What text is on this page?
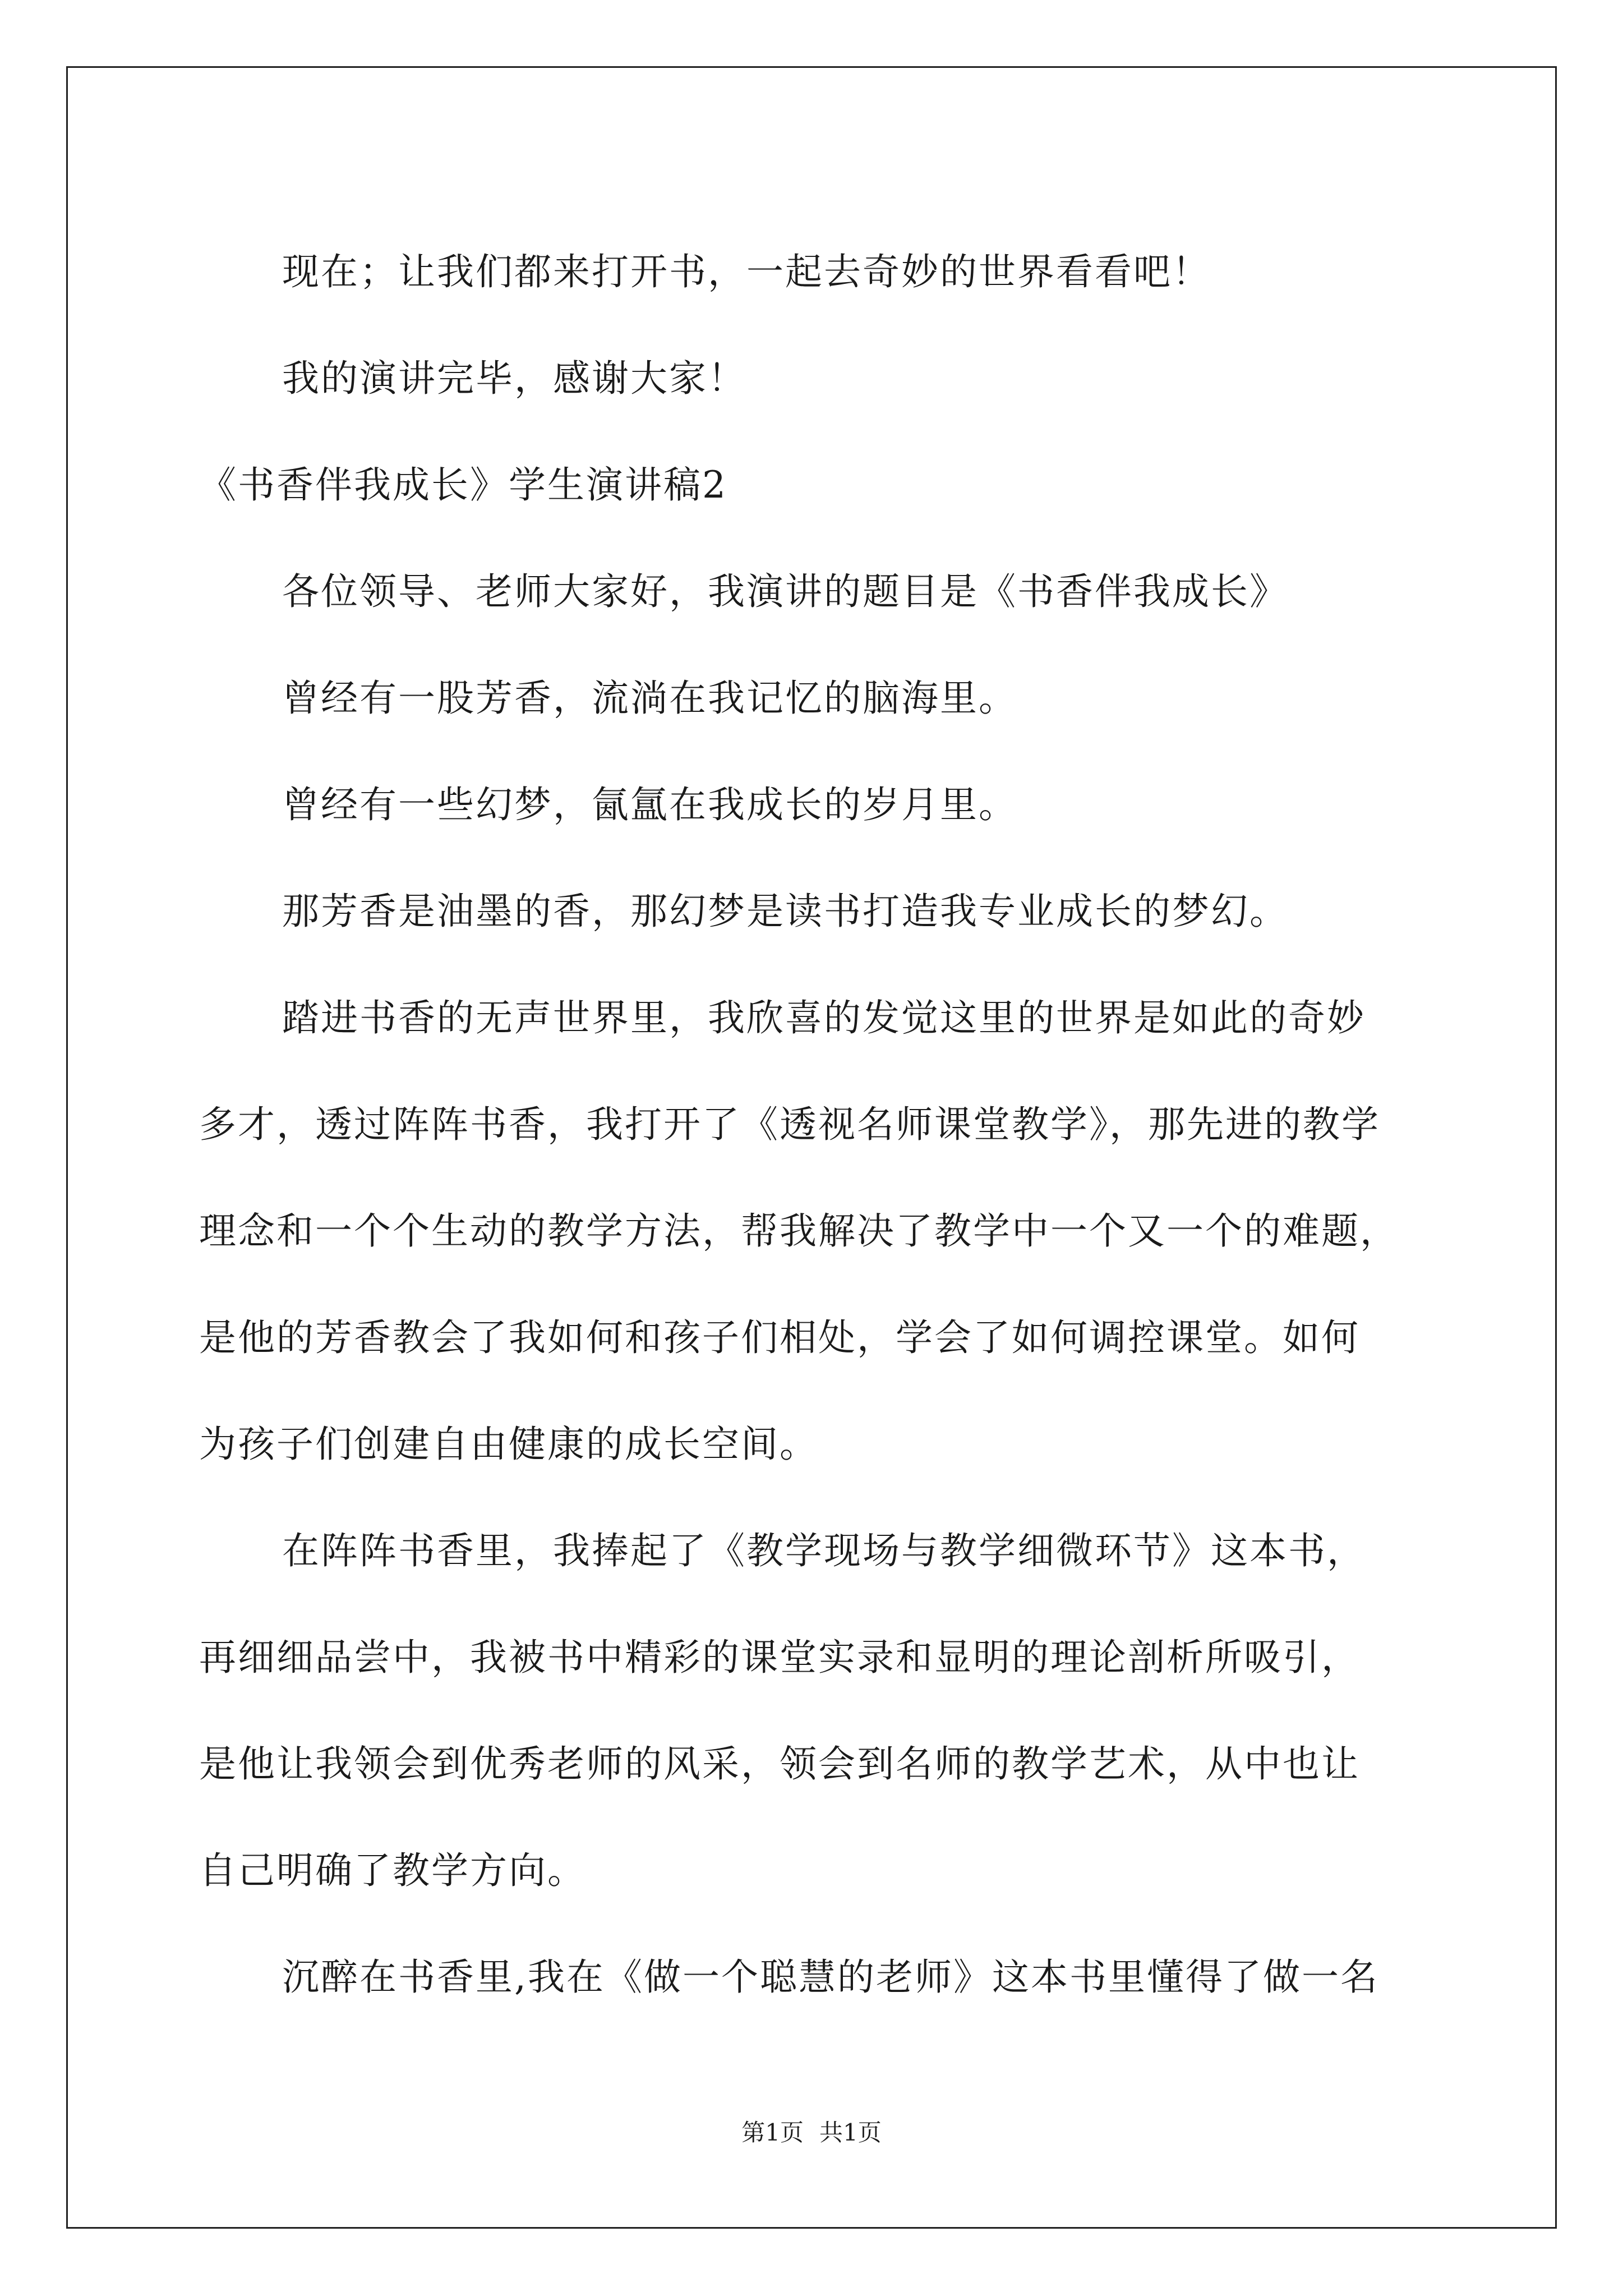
现在；让我们都来打开书，一起去奇妙的世界看看吧！
我的演讲完毕，感谢大家！
《书香伴我成长》学生演讲稿2
各位领导、老师大家好，我演讲的题目是《书香伴我成长》
曾经有一股芳香，流淌在我记忆的脑海里。
曾经有一些幻梦，氤氲在我成长的岁月里。
那芳香是油墨的香，那幻梦是读书打造我专业成长的梦幻。
踏进书香的无声世界里，我欣喜的发觉这里的世界是如此的奇妙
多才，透过阵阵书香，我打开了《透视名师课堂教学》，那先进的教学
理念和一个个生动的教学方法，帮我解决了教学中一个又一个的难题，
是他的芳香教会了我如何和孩子们相处，学会了如何调控课堂。如何
为孩子们创建自由健康的成长空间。
在阵阵书香里，我捧起了《教学现场与教学细微环节》这本书，
再细细品尝中，我被书中精彩的课堂实录和显明的理论剖析所吸引，
是他让我领会到优秀老师的风采，领会到名师的教学艺术，从中也让
自己明确了教学方向。
沉醉在书香里,我在《做一个聪慧的老师》这本书里懂得了做一名
第1页 共1页
